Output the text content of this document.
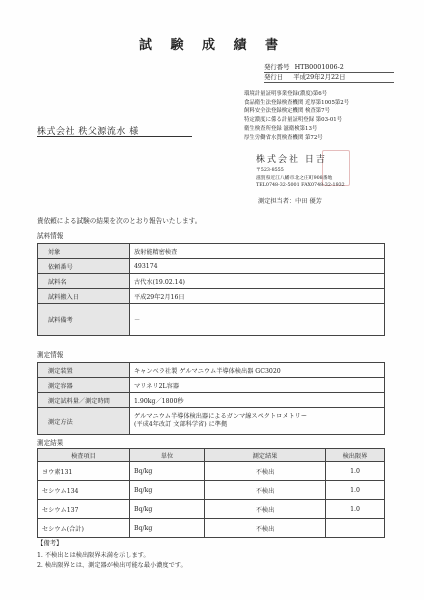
試 験 成 績 書
発行番号 HTB0001006-2
発行日 平成29年2月22日
環境計量証明事業登録(濃度)第6号
食品衛生法登録検査機関 近厚第1005第2号
飼料安全法登録検定機関 検査第7号
特定濃度に係る計量証明登録 第03-01号
衛生検査所登録 滋衛検第13号
厚生労働省水質検査機関 第72号
株式会社 秩父源流水 様
株式会社 日吉
〒523-8555
滋賀県近江八幡市北之庄町908番地
TEL0748-32-5001 FAX0748-32-1932
測定担当者：中田 優芳
貴依頼による試験の結果を次のとおり報告いたします。
試料情報
対象	放射能精密検査
依頼番号	493174
試料名	古代水(19.02.14)
試料搬入日	平成29年2月16日
試料備考	－
測定情報
測定装置	キャンベラ社製 ゲルマニウム半導体検出器 GC3020
測定容器	マリネリ2L容器
測定試料量／測定時間	1.90kg／1800秒
測定方法	ゲルマニウム半導体検出器によるガンマ線スペクトロメトリー
(平成4年改訂 文部科学省) に準拠
測定結果
検査項目	単位	測定結果	検出限界
ヨウ素131	Bq/kg	不検出	1.0
セシウム134	Bq/kg	不検出	1.0
セシウム137	Bq/kg	不検出	1.0
セシウム(合計)	Bq/kg	不検出	
【備考】
1. 不検出とは検出限界未満を示します。
2. 検出限界とは、測定器が検出可能な最小濃度です。
